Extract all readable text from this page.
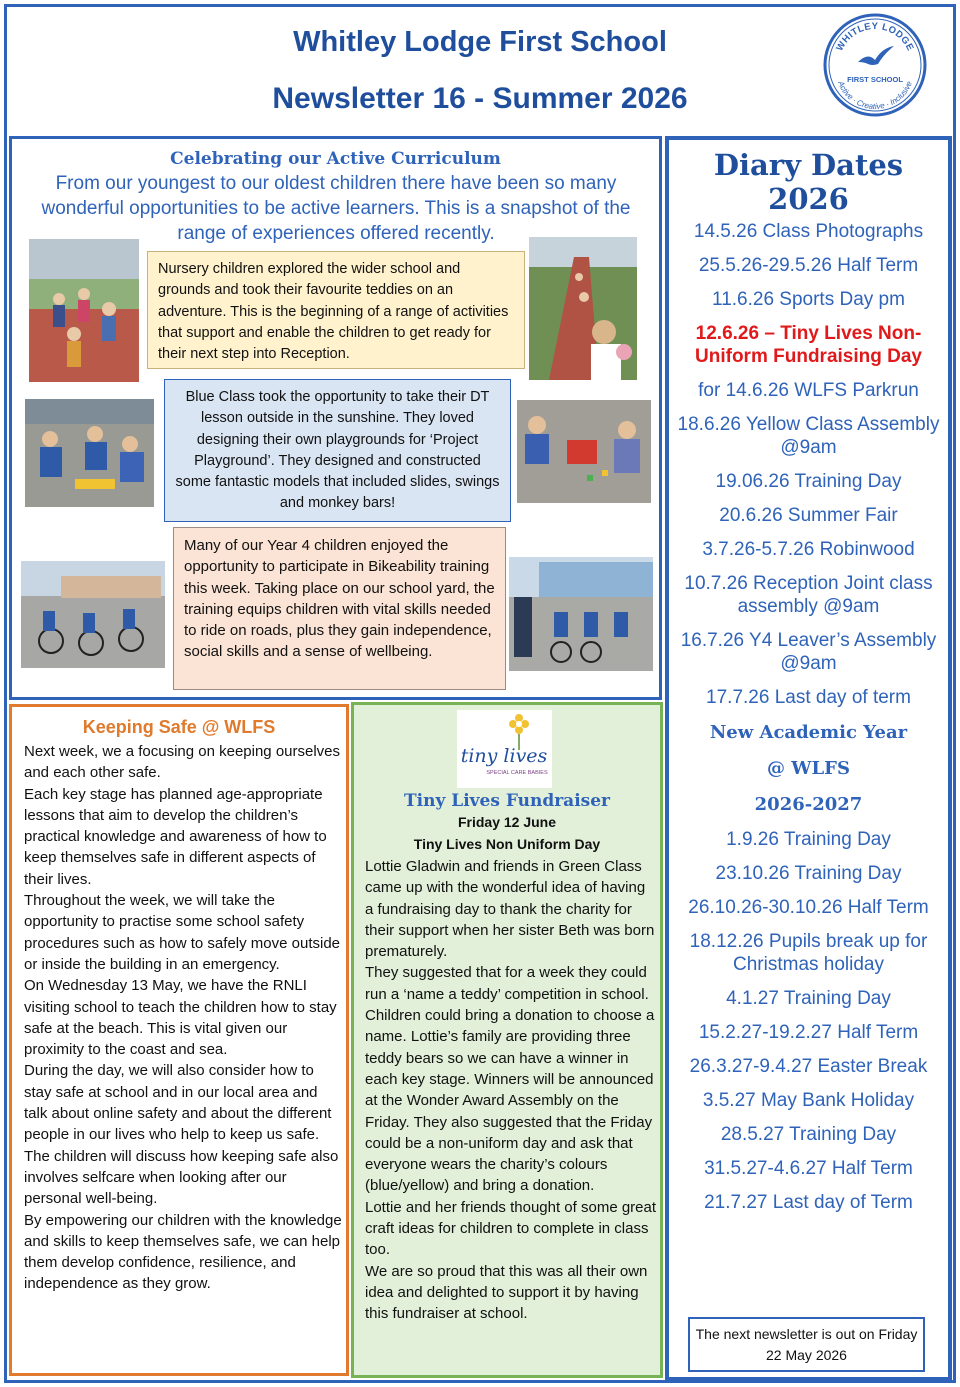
Whitley Lodge First School
Newsletter 16 - Summer 2026
WHITLEY LODGE
FIRST SCHOOL
Active · Creative · Inclusive
Celebrating our Active Curriculum
From our youngest to our oldest children there have been so many wonderful opportunities to be active learners. This is a snapshot of the range of experiences offered recently.
Nursery children explored the wider school and grounds and took their favourite teddies on an adventure. This is the beginning of a range of activities that support and enable the children to get ready for their next step into Reception.
Blue Class took the opportunity to take their DT lesson outside in the sunshine. They loved designing their own playgrounds for ‘Project Playground’. They designed and constructed some fantastic models that included slides, swings and monkey bars!
Many of our Year 4 children enjoyed the opportunity to participate in Bikeability training this week. Taking place on our school yard, the training equips children with vital skills needed to ride on roads, plus they gain independence, social skills and a sense of wellbeing.
Keeping Safe @ WLFS
Next week, we a focusing on keeping ourselves and each other safe.
Each key stage has planned age-appropriate lessons that aim to develop the children’s practical knowledge and awareness of how to keep themselves safe in different aspects of their lives.
Throughout the week, we will take the opportunity to practise some school safety procedures such as how to safely move outside or inside the building in an emergency.
On Wednesday 13 May, we have the RNLI visiting school to teach the children how to stay safe at the beach. This is vital given our proximity to the coast and sea.
During the day, we will also consider how to stay safe at school and in our local area and talk about online safety and about the different people in our lives who help to keep us safe.
The children will discuss how keeping safe also involves selfcare when looking after our personal well-being.
By empowering our children with the knowledge and skills to keep themselves safe, we can help them develop confidence, resilience, and independence as they grow.
tiny lives
SPECIAL CARE BABIES
Tiny Lives Fundraiser
Friday 12 June
Tiny Lives Non Uniform Day
Lottie Gladwin and friends in Green Class came up with the wonderful idea of having a fundraising day to thank the charity for their support when her sister Beth was born prematurely.
They suggested that for a week they could run a ‘name a teddy’ competition in school. Children could bring a donation to choose a name. Lottie’s family are providing three teddy bears so we can have a winner in each key stage. Winners will be announced at the Wonder Award Assembly on the Friday. They also suggested that the Friday could be a non-uniform day and ask that everyone wears the charity’s colours (blue/yellow) and bring a donation.
Lottie and her friends thought of some great craft ideas for children to complete in class too.
We are so proud that this was all their own idea and delighted to support it by having this fundraiser at school.
Diary Dates 2026
14.5.26 Class Photographs
25.5.26-29.5.26 Half Term
11.6.26 Sports Day pm
12.6.26 – Tiny Lives Non-Uniform Fundraising Day
for 14.6.26 WLFS Parkrun
18.6.26 Yellow Class Assembly @9am
19.06.26 Training Day
20.6.26 Summer Fair
3.7.26-5.7.26 Robinwood
10.7.26 Reception Joint class assembly @9am
16.7.26 Y4 Leaver’s Assembly @9am
17.7.26 Last day of term
New Academic Year
@ WLFS
2026-2027
1.9.26 Training Day
23.10.26 Training Day
26.10.26-30.10.26 Half Term
18.12.26 Pupils break up for Christmas holiday
4.1.27 Training Day
15.2.27-19.2.27 Half Term
26.3.27-9.4.27 Easter Break
3.5.27 May Bank Holiday
28.5.27 Training Day
31.5.27-4.6.27 Half Term
21.7.27 Last day of Term
The next newsletter is out on Friday 22 May 2026
